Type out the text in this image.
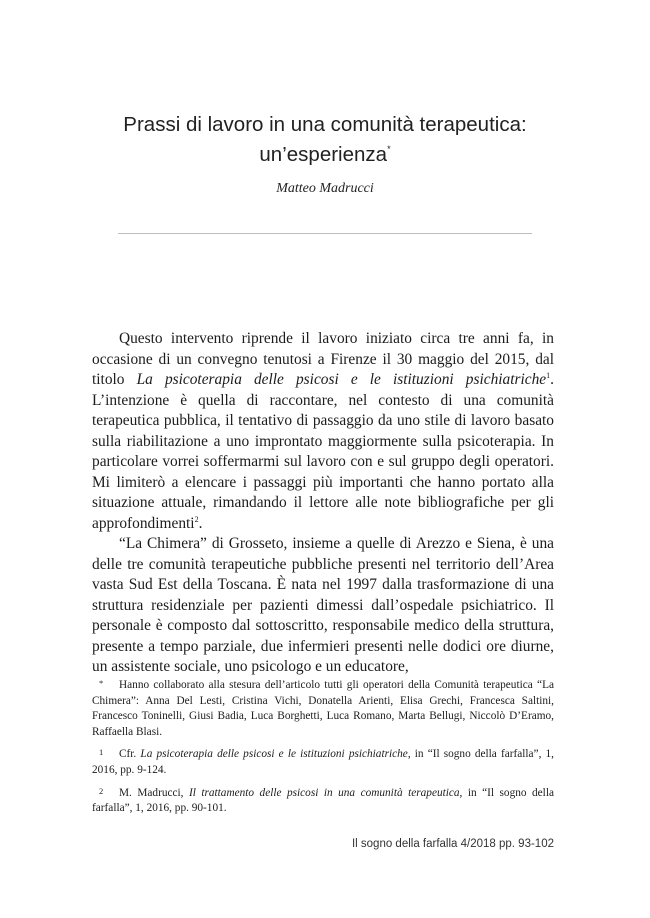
Prassi di lavoro in una comunità terapeutica:
un’esperienza*
Matteo Madrucci

Questo intervento riprende il lavoro iniziato circa tre anni fa, in occasione di un convegno tenutosi a Firenze il 30 maggio del 2015, dal titolo La psicoterapia delle psicosi e le istituzioni psichiatriche$^1$. L’intenzione è quella di raccontare, nel contesto di una comunità terapeutica pubblica, il tentativo di passaggio da uno stile di lavoro basato sulla riabilitazione a uno improntato maggiormente sulla psicoterapia. In particolare vorrei soffermarmi sul lavoro con e sul gruppo degli operatori. Mi limiterò a elencare i passaggi più importanti che hanno portato alla situazione attuale, rimandando il lettore alle note bibliografiche per gli approfondimenti$^2$.

“La Chimera” di Grosseto, insieme a quelle di Arezzo e Siena, è una delle tre comunità terapeutiche pubbliche presenti nel territorio dell’Area vasta Sud Est della Toscana. È nata nel 1997 dalla trasformazione di una struttura residenziale per pazienti dimessi dall’ospedale psichiatrico. Il personale è composto dal sottoscritto, responsabile medico della struttura, presente a tempo parziale, due infermieri presenti nelle dodici ore diurne, un assistente sociale, uno psicologo e un educatore,

* Hanno collaborato alla stesura dell’articolo tutti gli operatori della Comunità terapeutica “La Chimera”: Anna Del Lesti, Cristina Vichi, Donatella Arienti, Elisa Grechi, Francesca Saltini, Francesco Toninelli, Giusi Badia, Luca Borghetti, Luca Romano, Marta Bellugi, Niccolò D’Eramo, Raffaella Blasi.

1 Cfr. La psicoterapia delle psicosi e le istituzioni psichiatriche, in “Il sogno della farfalla”, 1, 2016, pp. 9-124.

2 M. Madrucci, Il trattamento delle psicosi in una comunità terapeutica, in “Il sogno della farfalla”, 1, 2016, pp. 90-101.

Il sogno della farfalla 4/2018 pp. 93-102
